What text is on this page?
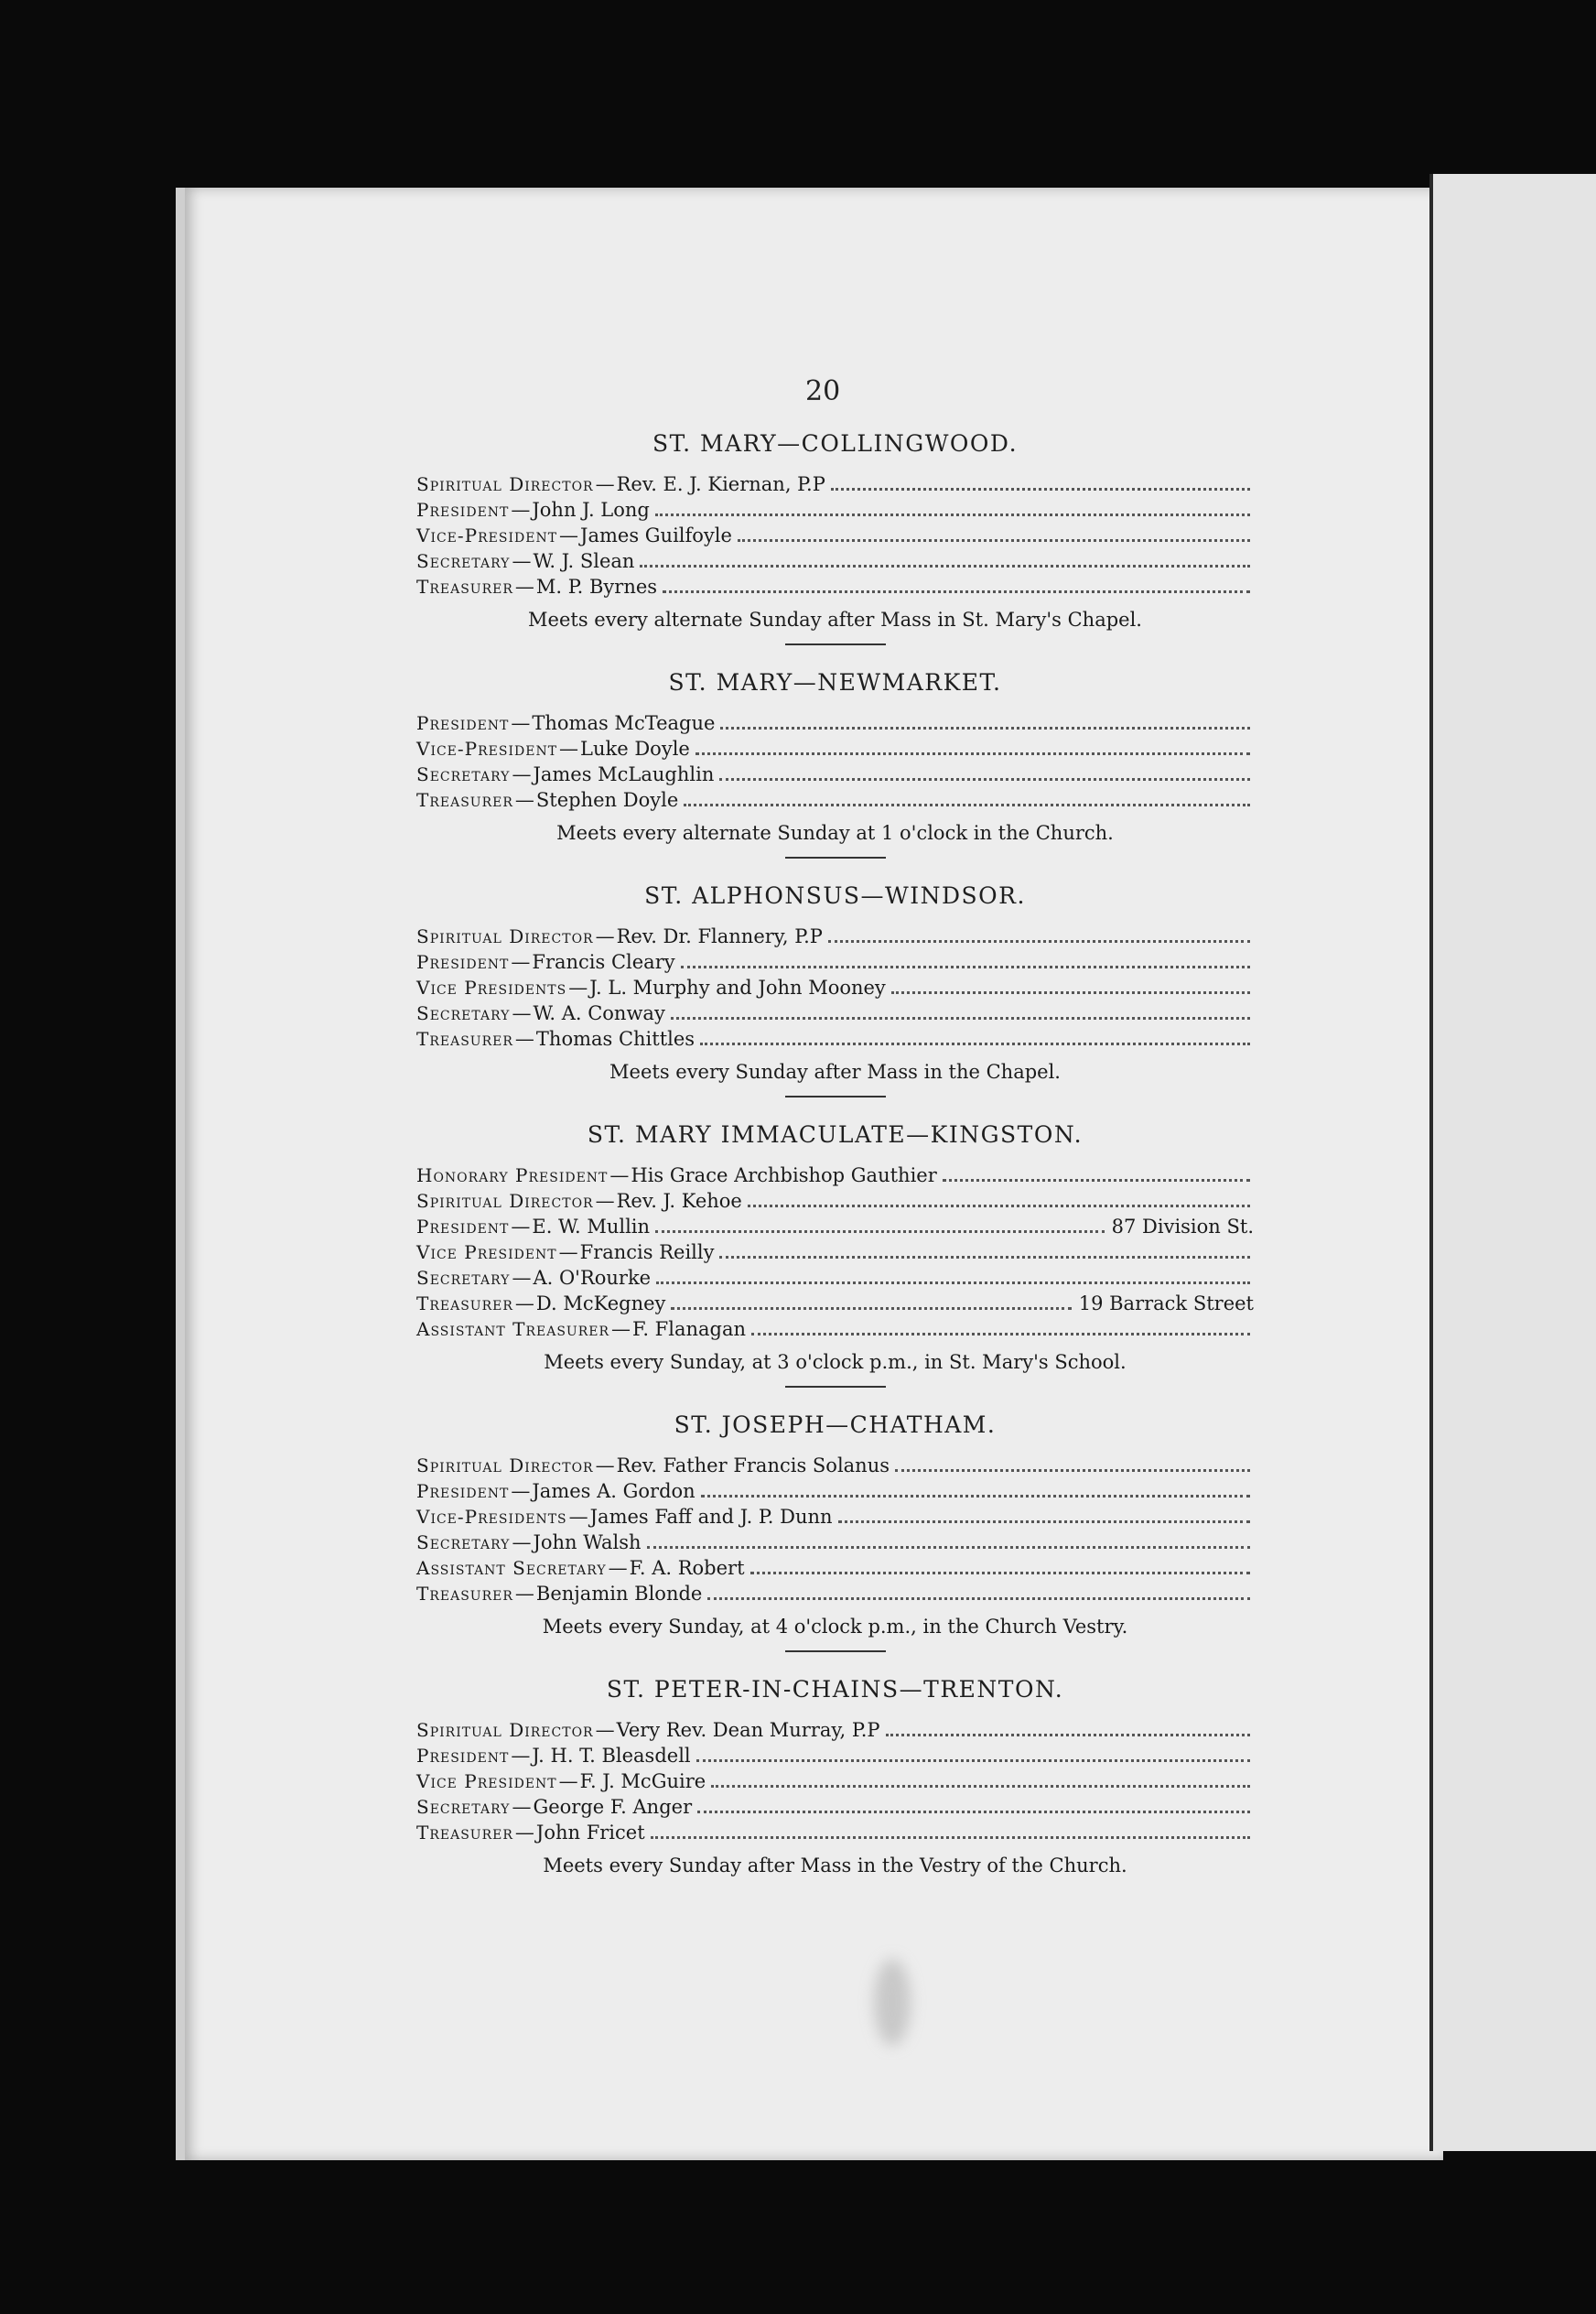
20
ST. MARY—COLLINGWOOD.
Spiritual Director — Rev. E. J. Kiernan, P.P
President — John J. Long
Vice-President — James Guilfoyle
Secretary — W. J. Slean
Treasurer — M. P. Byrnes
Meets every alternate Sunday after Mass in St. Mary's Chapel.
ST. MARY—NEWMARKET.
President — Thomas McTeague
Vice-President — Luke Doyle
Secretary — James McLaughlin
Treasurer — Stephen Doyle
Meets every alternate Sunday at 1 o'clock in the Church.
ST. ALPHONSUS—WINDSOR.
Spiritual Director — Rev. Dr. Flannery, P.P
President — Francis Cleary
Vice Presidents — J. L. Murphy and John Mooney
Secretary — W. A. Conway
Treasurer — Thomas Chittles
Meets every Sunday after Mass in the Chapel.
ST. MARY IMMACULATE—KINGSTON.
Honorary President — His Grace Archbishop Gauthier
Spiritual Director — Rev. J. Kehoe
President — E. W. Mullin	87 Division St.
Vice President — Francis Reilly
Secretary — A. O'Rourke
Treasurer — D. McKegney	19 Barrack Street
Assistant Treasurer — F. Flanagan
Meets every Sunday, at 3 o'clock p.m., in St. Mary's School.
ST. JOSEPH—CHATHAM.
Spiritual Director — Rev. Father Francis Solanus
President — James A. Gordon
Vice-Presidents — James Faff and J. P. Dunn
Secretary — John Walsh
Assistant Secretary — F. A. Robert
Treasurer — Benjamin Blonde
Meets every Sunday, at 4 o'clock p.m., in the Church Vestry.
ST. PETER-IN-CHAINS—TRENTON.
Spiritual Director — Very Rev. Dean Murray, P.P
President — J. H. T. Bleasdell
Vice President — F. J. McGuire
Secretary — George F. Anger
Treasurer — John Fricet
Meets every Sunday after Mass in the Vestry of the Church.
